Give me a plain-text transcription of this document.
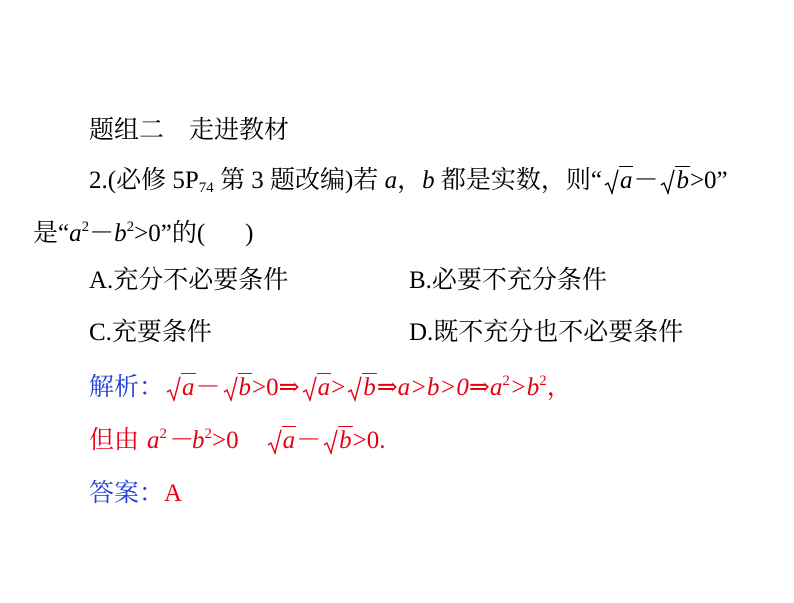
题组二　走进教材
2.(必修 $5P_{74}$ 第 3 题改编)若 a，b 都是实数，则“ a－ b>0”
是“$a^2-b^2>0$”的( )
A.充分不必要条件	B.必要不充分条件
C.充要条件	D.既不充分也不必要条件
解析： a－ b>0⇒ $a> b\Rightarrow a>b>0\Rightarrow a^2>b^2$，
但由 $a^2-b^2>0$ a－ b>0.
答案：A
